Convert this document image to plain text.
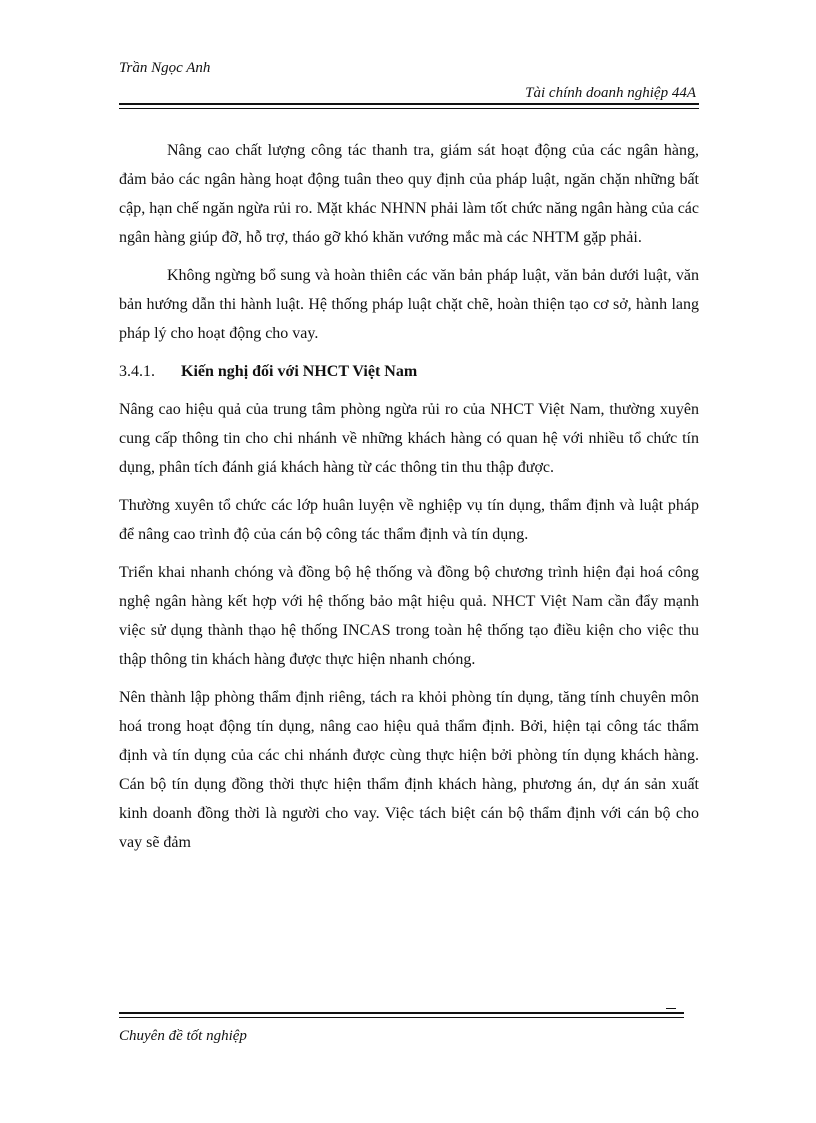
Trần Ngọc Anh
Tài chính doanh nghiệp 44A

Nâng cao chất lượng công tác thanh tra, giám sát hoạt động của các ngân hàng, đảm bảo các ngân hàng hoạt động tuân theo quy định của pháp luật, ngăn chặn những bất cập, hạn chế ngăn ngừa rủi ro. Mặt khác NHNN phải làm tốt chức năng ngân hàng của các ngân hàng giúp đỡ, hỗ trợ, tháo gỡ khó khăn vướng mắc mà các NHTM gặp phải.

Không ngừng bổ sung và hoàn thiên các văn bản pháp luật, văn bản dưới luật, văn bản hướng dẫn thi hành luật. Hệ thống pháp luật chặt chẽ, hoàn thiện tạo cơ sở, hành lang pháp lý cho hoạt động cho vay.

3.4.1.	Kiến nghị đối với NHCT Việt Nam

Nâng cao hiệu quả của trung tâm phòng ngừa rủi ro của NHCT Việt Nam, thường xuyên cung cấp thông tin cho chi nhánh về những khách hàng có quan hệ với nhiều tổ chức tín dụng, phân tích đánh giá khách hàng từ các thông tin thu thập được.

Thường xuyên tổ chức các lớp huân luyện về nghiệp vụ tín dụng, thẩm định và luật pháp để nâng cao trình độ của cán bộ công tác thẩm định và tín dụng.

Triển khai nhanh chóng và đồng bộ hệ thống và đồng bộ chương trình hiện đại hoá công nghệ ngân hàng kết hợp với hệ thống bảo mật hiệu quả. NHCT Việt Nam cần đẩy mạnh việc sử dụng thành thạo hệ thống INCAS trong toàn hệ thống tạo điều kiện cho việc thu thập thông tin khách hàng được thực hiện nhanh chóng.

Nên thành lập phòng thẩm định riêng, tách ra khỏi phòng tín dụng, tăng tính chuyên môn hoá trong hoạt động tín dụng, nâng cao hiệu quả thẩm định. Bởi, hiện tại công tác thẩm định và tín dụng của các chi nhánh được cùng thực hiện bởi phòng tín dụng khách hàng. Cán bộ tín dụng đồng thời thực hiện thẩm định khách hàng, phương án, dự án sản xuất kinh doanh đồng thời là người cho vay. Việc tách biệt cán bộ thẩm định với cán bộ cho vay sẽ đảm

Chuyên đề tốt nghiệp
